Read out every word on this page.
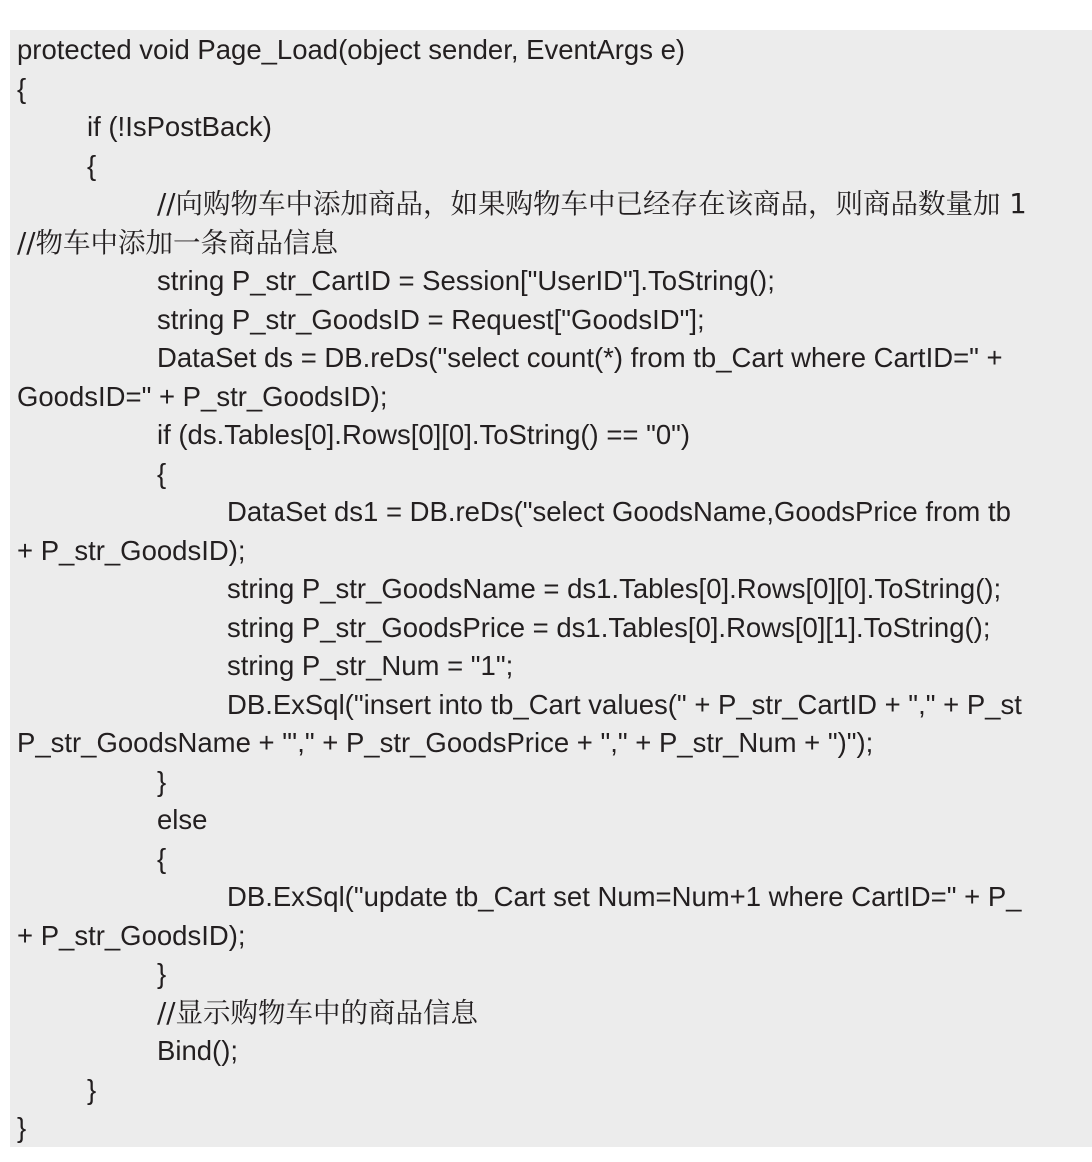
protected void Page_Load(object sender, EventArgs e)
{
if (!IsPostBack)
{
//向购物车中添加商品，如果购物车中已经存在该商品，则商品数量加 1
//物车中添加一条商品信息
string P_str_CartID = Session["UserID"].ToString();
string P_str_GoodsID = Request["GoodsID"];
DataSet ds = DB.reDs("select count(*) from tb_Cart where CartID=" +
GoodsID=" + P_str_GoodsID);
if (ds.Tables[0].Rows[0][0].ToString() == "0")
{
DataSet ds1 = DB.reDs("select GoodsName,GoodsPrice from tb
+ P_str_GoodsID);
string P_str_GoodsName = ds1.Tables[0].Rows[0][0].ToString();
string P_str_GoodsPrice = ds1.Tables[0].Rows[0][1].ToString();
string P_str_Num = "1";
DB.ExSql("insert into tb_Cart values(" + P_str_CartID + "," + P_st
P_str_GoodsName + "'," + P_str_GoodsPrice + "," + P_str_Num + ")");
}
else
{
DB.ExSql("update tb_Cart set Num=Num+1 where CartID=" + P_
+ P_str_GoodsID);
}
//显示购物车中的商品信息
Bind();
}
}
